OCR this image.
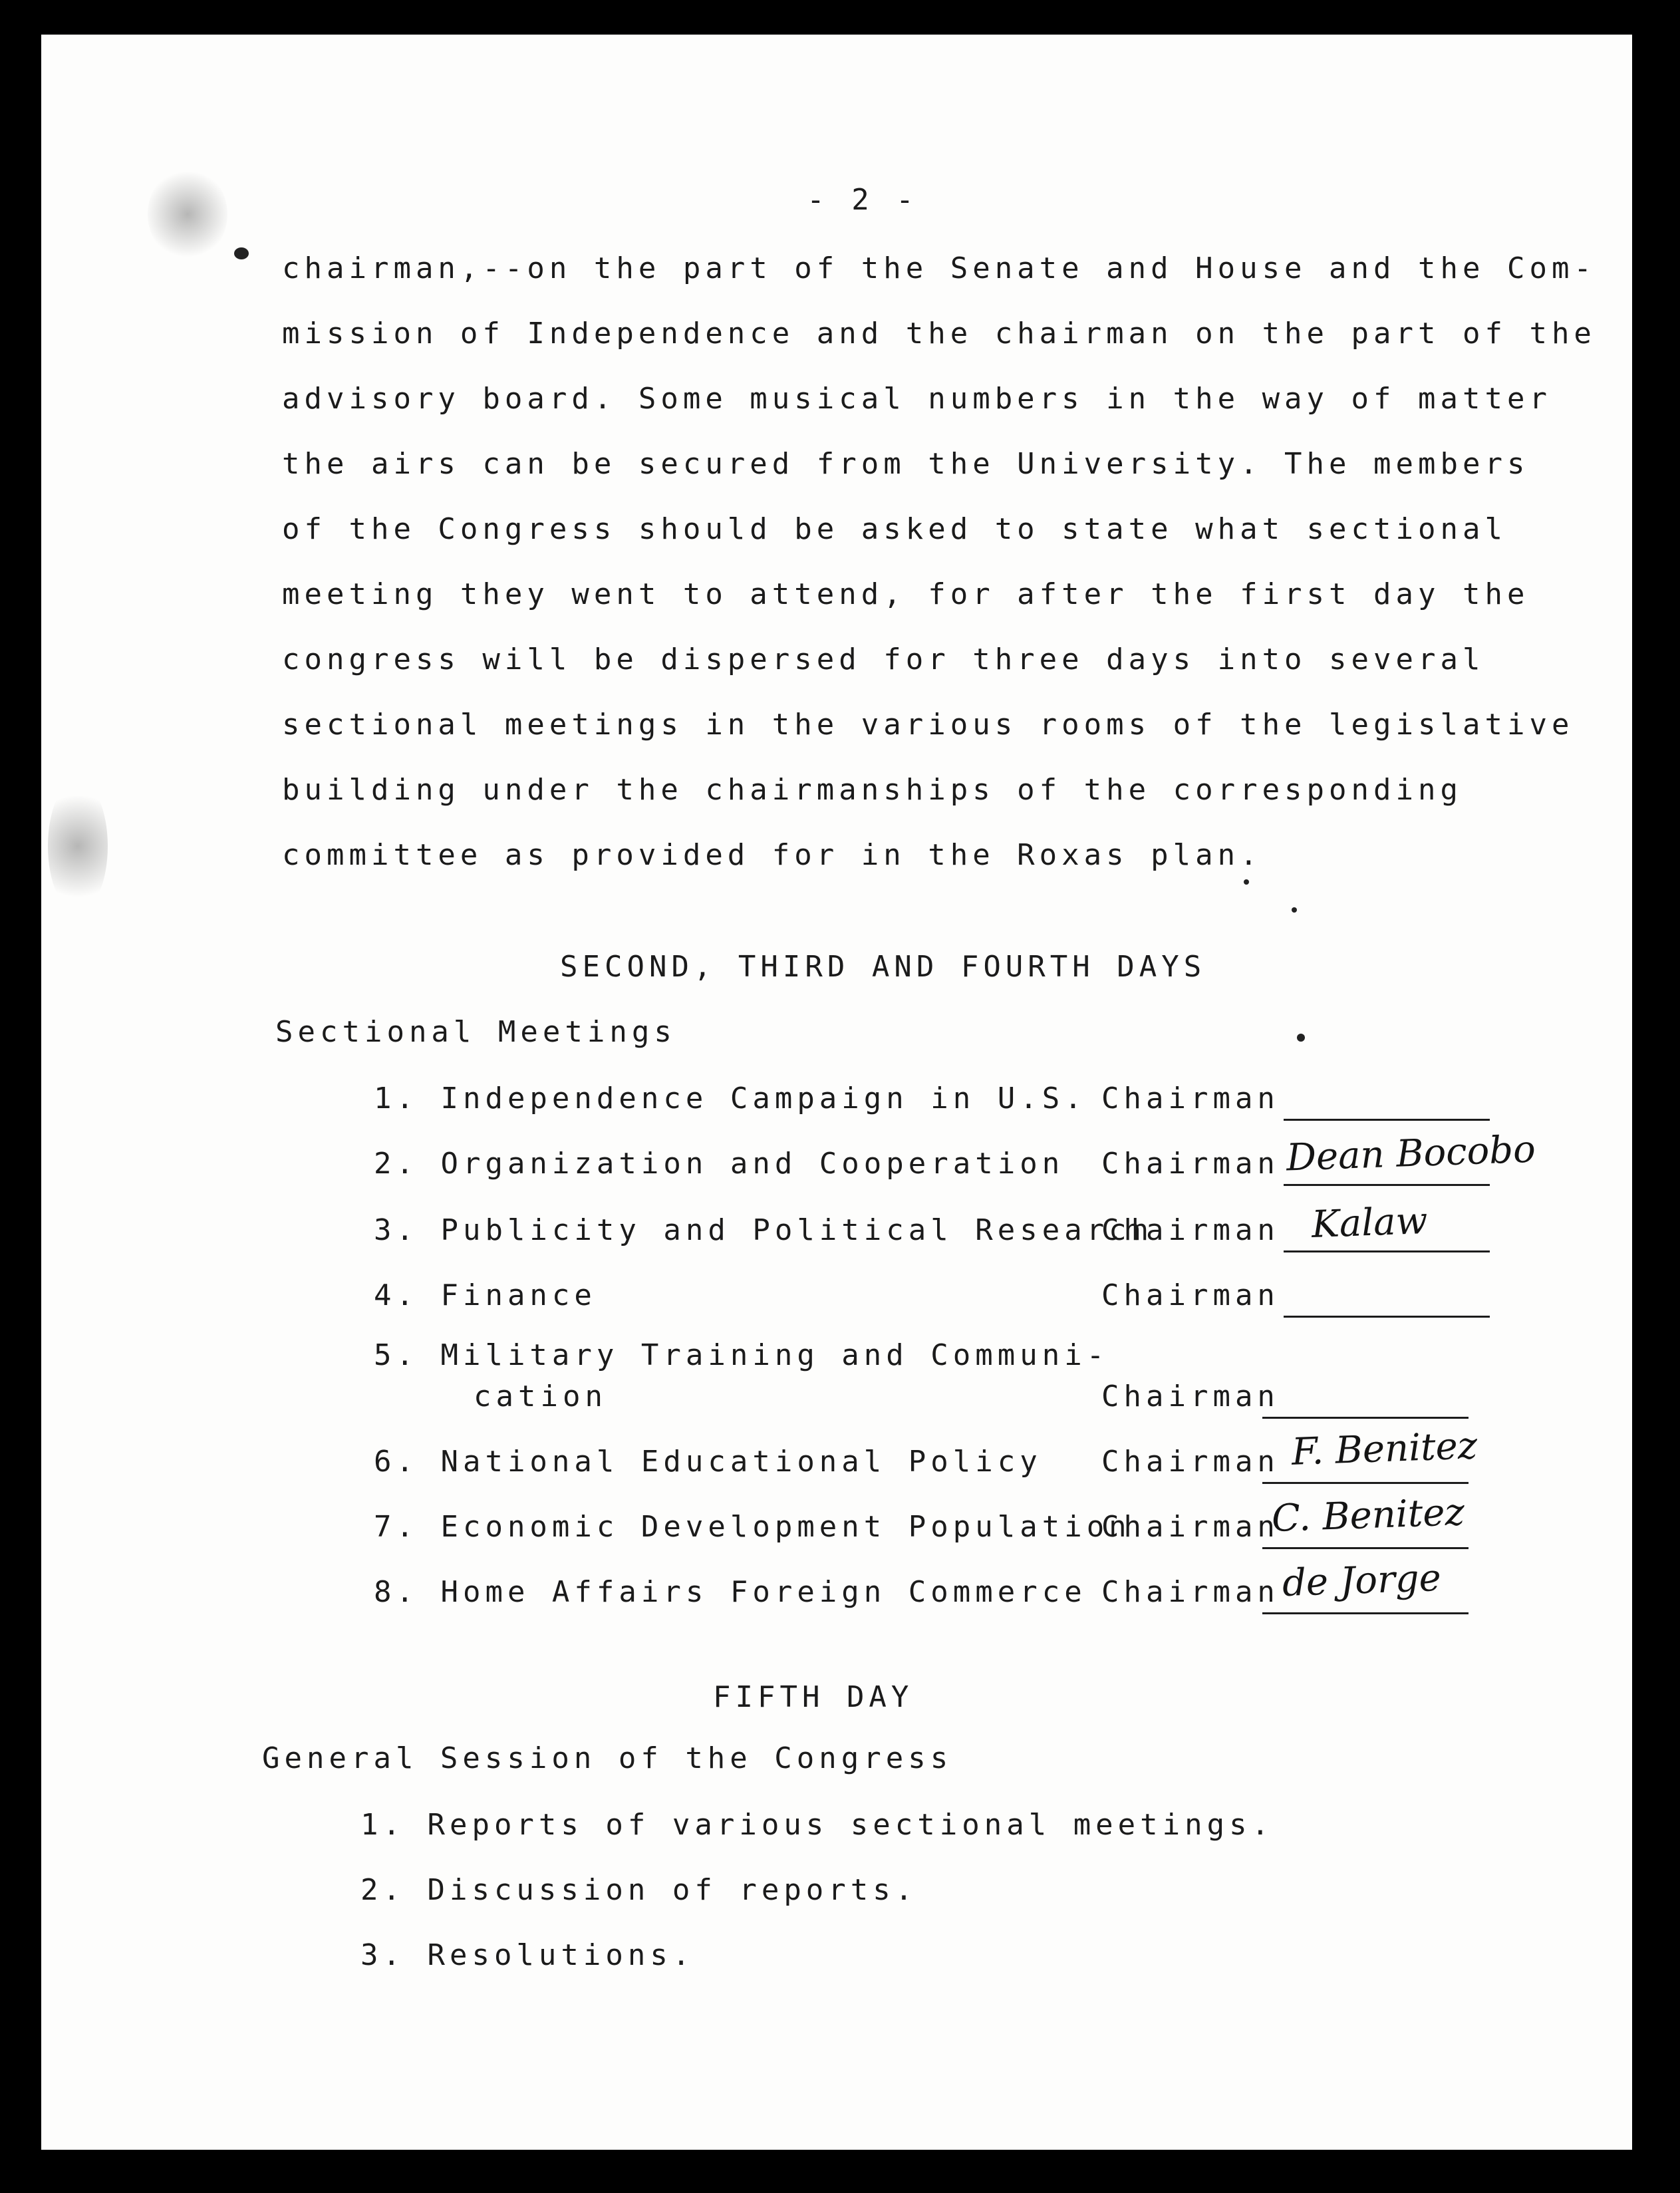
- 2 -
chairman,--on the part of the Senate and House and the Com-
mission of Independence and the chairman on the part of the
advisory board. Some musical numbers in the way of matter
the airs can be secured from the University. The members
of the Congress should be asked to state what sectional
meeting they went to attend, for after the first day the
congress will be dispersed for three days into several
sectional meetings in the various rooms of the legislative
building under the chairmanships of the corresponding
committee as provided for in the Roxas plan.
SECOND, THIRD AND FOURTH DAYS
Sectional Meetings
1. Independence Campaign in U.S. Chairman
2. Organization and Cooperation Chairman Dean Bocobo
3. Publicity and Political Research
Chairman Kalaw
4. Finance	Chairman
5. Military Training and Communi-
cation	Chairman
6. National Educational Policy Chairman F. Benitez
7. Economic Development Population
Chairman
C. Benitez
8. Home Affairs Foreign Commerce Chairman de Jorge
FIFTH DAY
General Session of the Congress
1. Reports of various sectional meetings.
2. Discussion of reports.
3. Resolutions.
